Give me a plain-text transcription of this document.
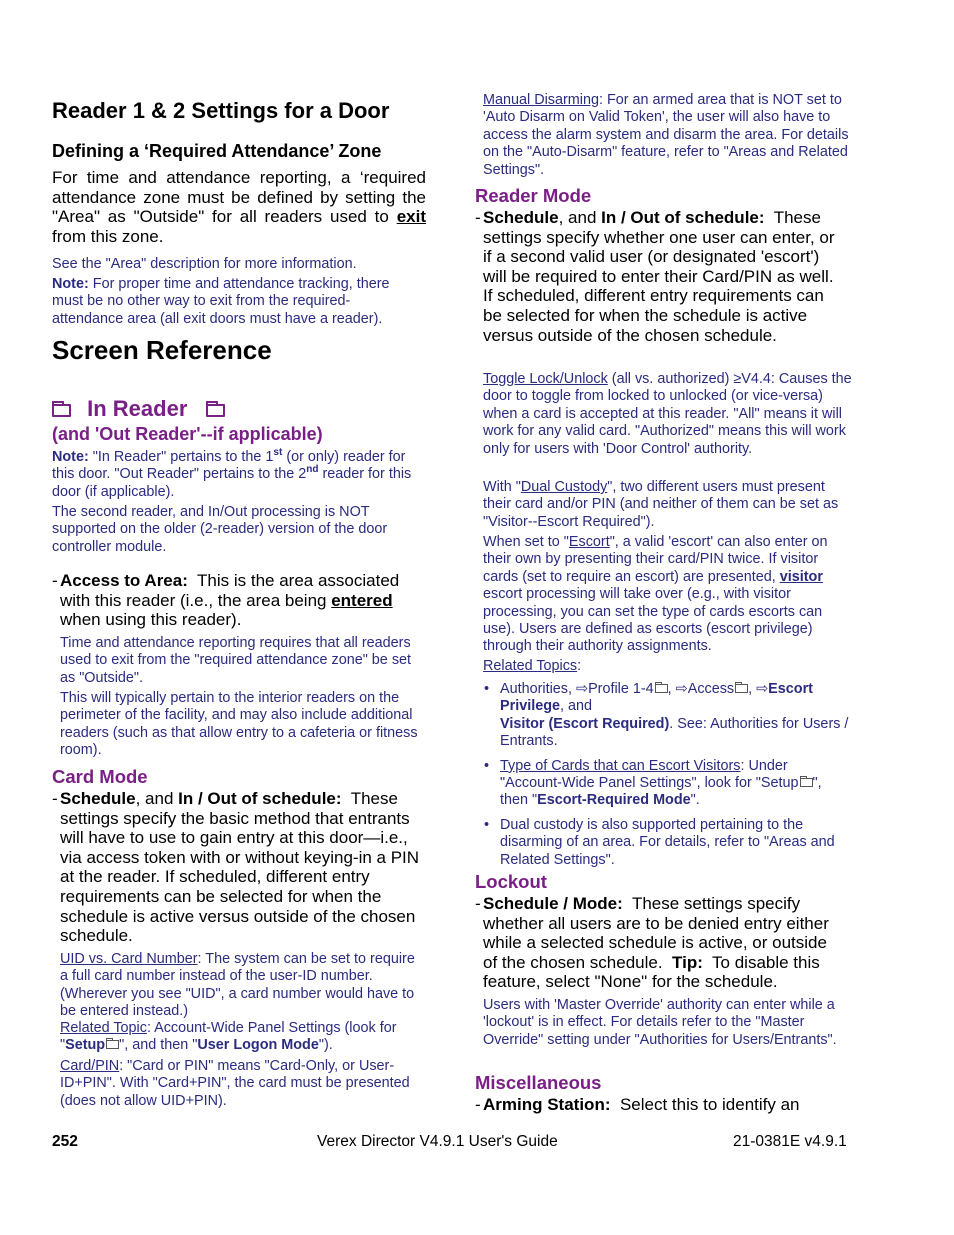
Reader 1 & 2 Settings for a Door
Defining a ‘Required Attendance’ Zone
For time and attendance reporting, a ‘required attendance zone must be defined by setting the "Area" as "Outside" for all readers used to exit from this zone.
See the "Area" description for more information.
Note: For proper time and attendance tracking, there must be no other way to exit from the required-attendance area (all exit doors must have a reader).
Screen Reference
In Reader
(and 'Out Reader'--if applicable)
Note: "In Reader" pertains to the 1st (or only) reader for this door. "Out Reader" pertains to the 2nd reader for this door (if applicable).
The second reader, and In/Out processing is NOT supported on the older (2-reader) version of the door controller module.
- Access to Area: This is the area associated with this reader (i.e., the area being entered when using this reader).
Time and attendance reporting requires that all readers used to exit from the "required attendance zone" be set as "Outside".
This will typically pertain to the interior readers on the perimeter of the facility, and may also include additional readers (such as that allow entry to a cafeteria or fitness room).
Card Mode
- Schedule, and In / Out of schedule: These settings specify the basic method that entrants will have to use to gain entry at this door—i.e., via access token with or without keying-in a PIN at the reader. If scheduled, different entry requirements can be selected for when the schedule is active versus outside of the chosen schedule.
UID vs. Card Number: The system can be set to require a full card number instead of the user-ID number. (Wherever you see "UID", a card number would have to be entered instead.)
Related Topic: Account-Wide Panel Settings (look for "Setup ", and then "User Logon Mode").
Card/PIN: "Card or PIN" means "Card-Only, or User-ID+PIN". With "Card+PIN", the card must be presented (does not allow UID+PIN).
Manual Disarming: For an armed area that is NOT set to 'Auto Disarm on Valid Token', the user will also have to access the alarm system and disarm the area. For details on the "Auto-Disarm" feature, refer to "Areas and Related Settings".
Reader Mode
- Schedule, and In / Out of schedule: These settings specify whether one user can enter, or if a second valid user (or designated 'escort') will be required to enter their Card/PIN as well. If scheduled, different entry requirements can be selected for when the schedule is active versus outside of the chosen schedule.
Toggle Lock/Unlock (all vs. authorized) ≥V4.4: Causes the door to toggle from locked to unlocked (or vice-versa) when a card is accepted at this reader. "All" means it will work for any valid card. "Authorized" means this will work only for users with 'Door Control' authority.
With "Dual Custody", two different users must present their card and/or PIN (and neither of them can be set as "Visitor--Escort Required").
When set to "Escort", a valid 'escort' can also enter on their own by presenting their card/PIN twice. If visitor cards (set to require an escort) are presented, visitor escort processing will take over (e.g., with visitor processing, you can set the type of cards escorts can use). Users are defined as escorts (escort privilege) through their authority assignments.
Related Topics:
• Authorities, ⇨Profile 1-4 , ⇨Access , ⇨Escort Privilege, and
Visitor (Escort Required). See: Authorities for Users / Entrants.
• Type of Cards that can Escort Visitors: Under "Account-Wide Panel Settings", look for "Setup ", then "Escort-Required Mode".
• Dual custody is also supported pertaining to the disarming of an area. For details, refer to "Areas and Related Settings".
Lockout
- Schedule / Mode: These settings specify whether all users are to be denied entry either while a selected schedule is active, or outside of the chosen schedule. Tip: To disable this feature, select "None" for the schedule.
Users with 'Master Override' authority can enter while a 'lockout' is in effect. For details refer to the "Master Override" setting under "Authorities for Users/Entrants".
Miscellaneous
- Arming Station: Select this to identify an
252	Verex Director V4.9.1 User's Guide	21-0381E v4.9.1
